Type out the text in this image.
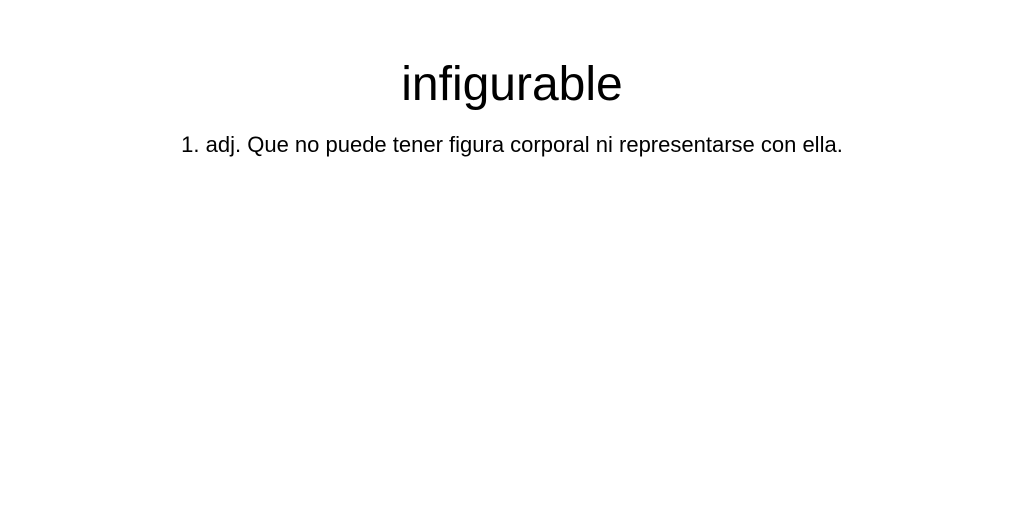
infigurable

1. adj. Que no puede tener figura corporal ni representarse con ella.
